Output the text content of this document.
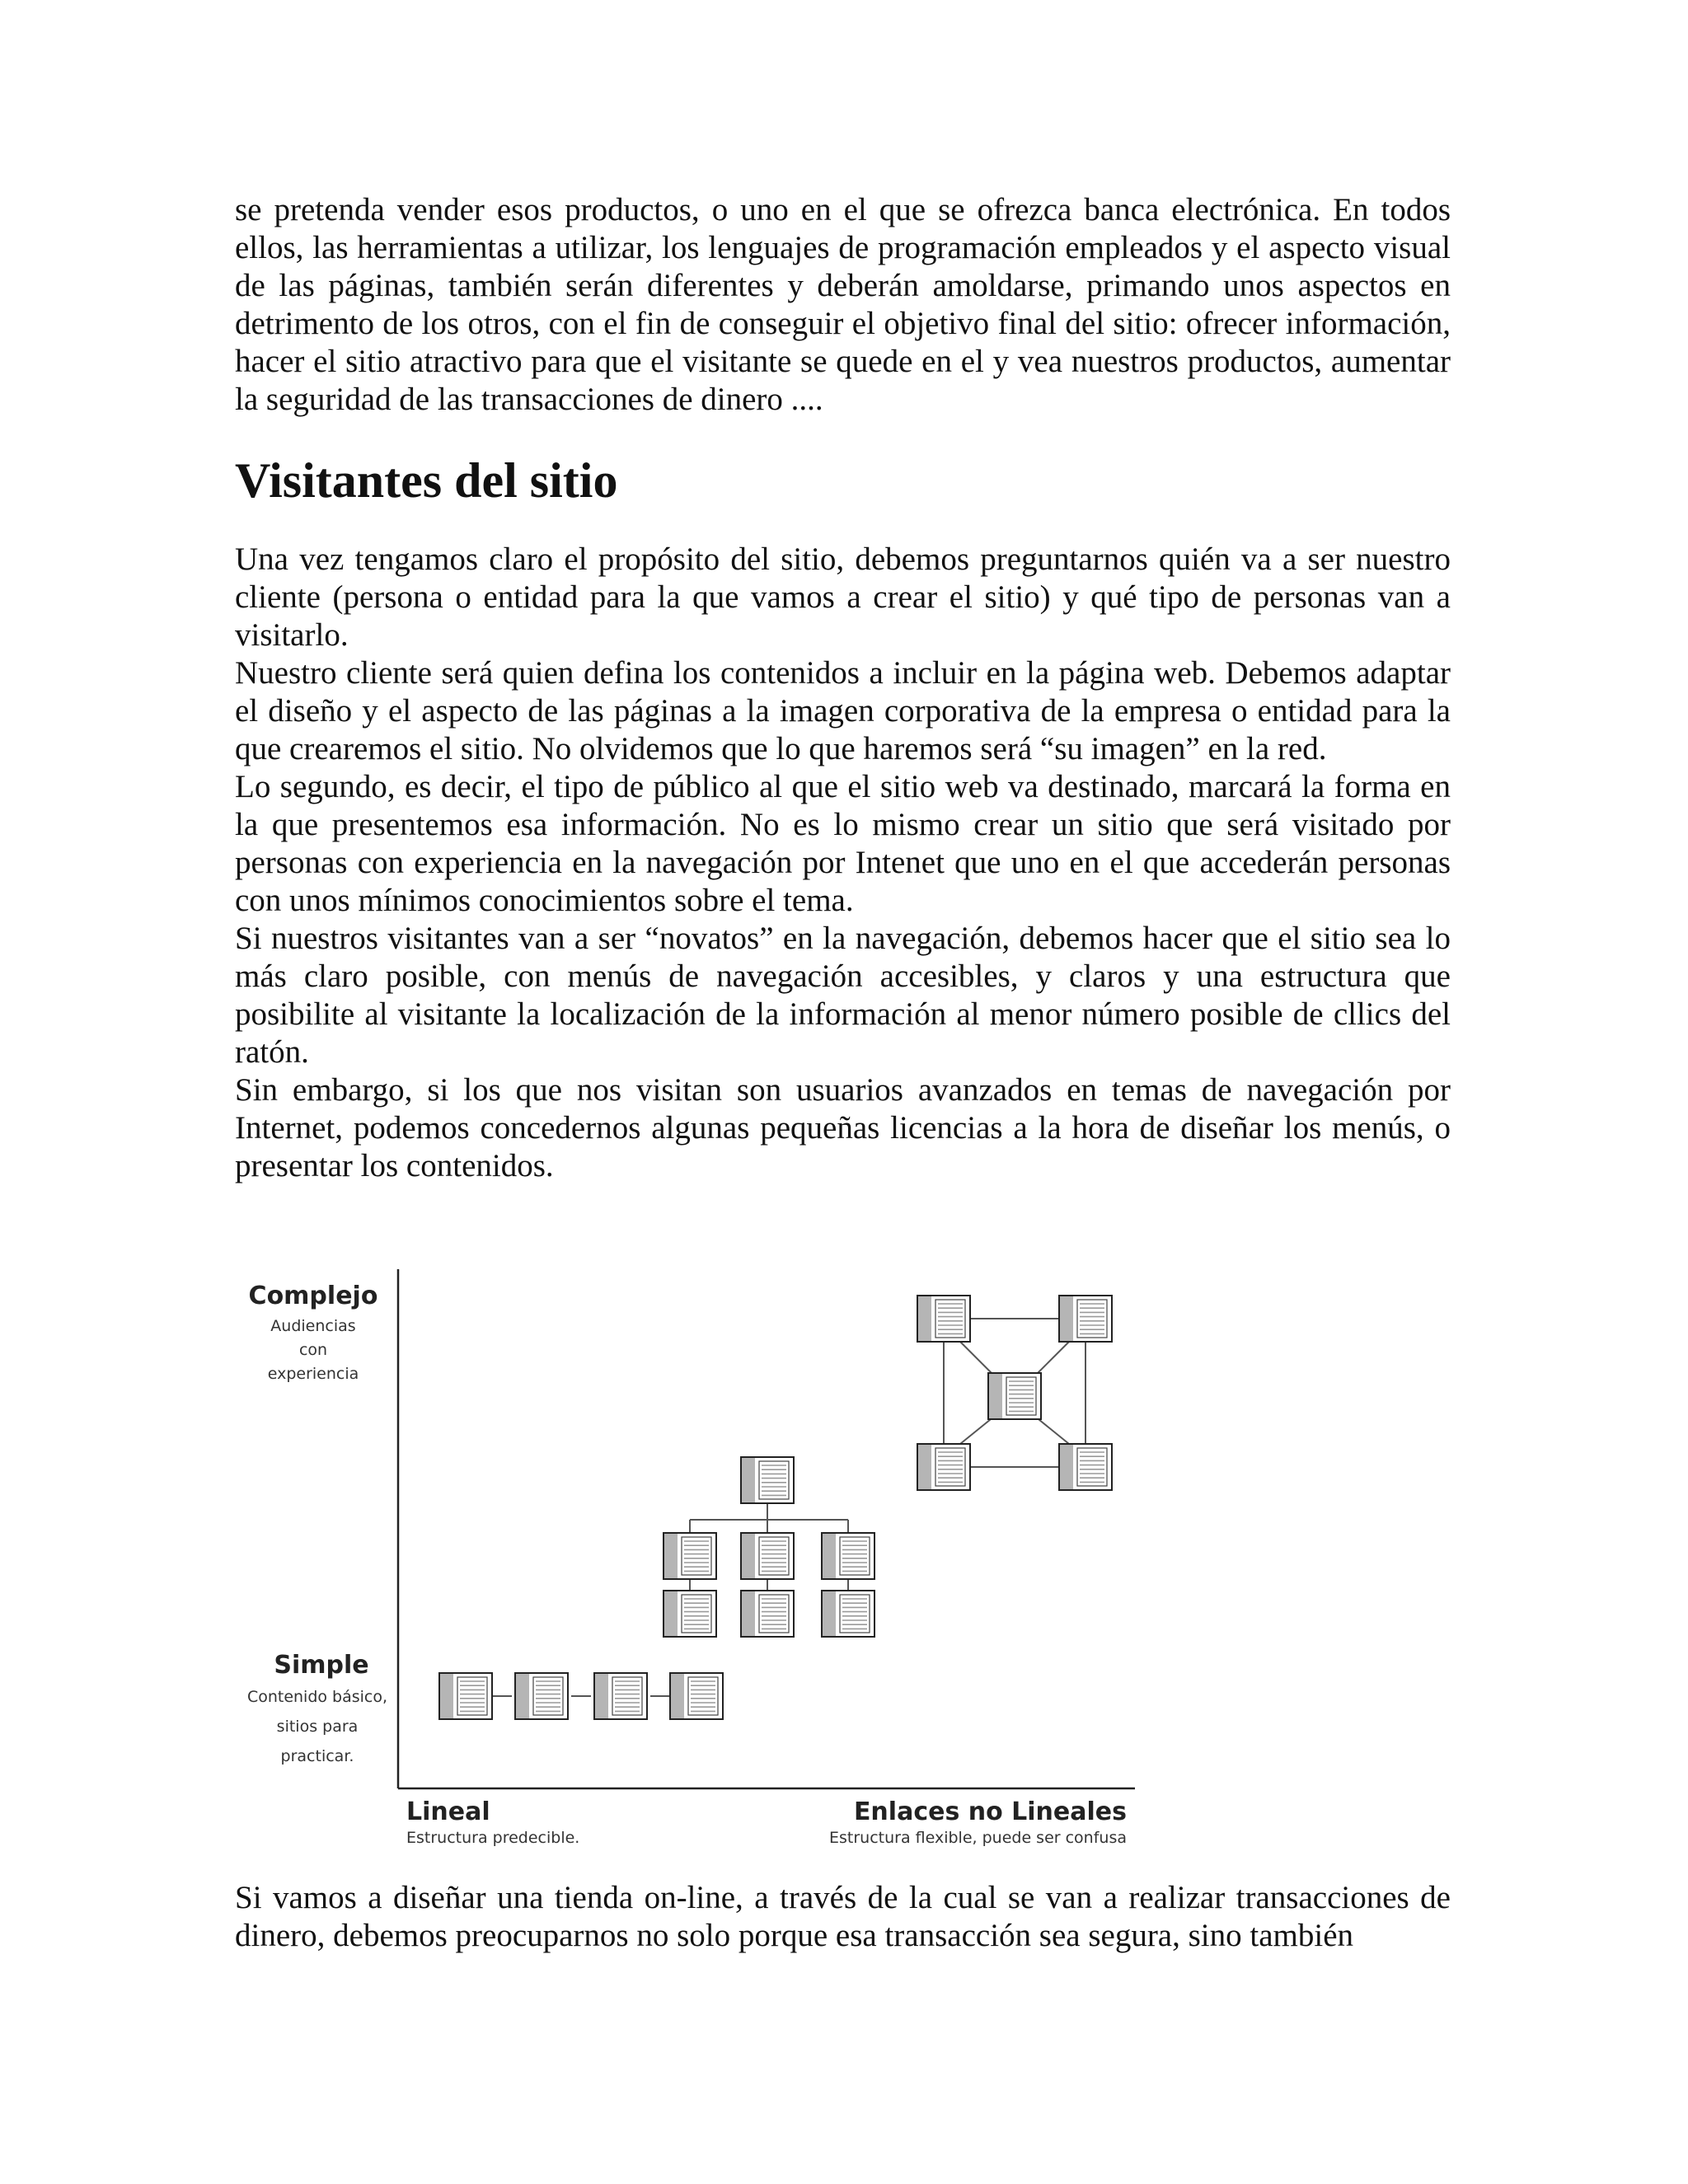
se pretenda vender esos productos, o uno en el que se ofrezca banca electrónica. En todos ellos, las herramientas a utilizar, los lenguajes de programación empleados y el aspecto visual de las páginas, también serán diferentes y deberán amoldarse, primando unos aspectos en detrimento de los otros, con el fin de conseguir el objetivo final del sitio: ofrecer información, hacer el sitio atractivo para que el visitante se quede en el y vea nuestros productos, aumentar la seguridad de las transacciones de dinero ....

Visitantes del sitio

Una vez tengamos claro el propósito del sitio, debemos preguntarnos quién va a ser nuestro cliente (persona o entidad para la que vamos a crear el sitio) y qué tipo de personas van a visitarlo.

Nuestro cliente será quien defina los contenidos a incluir en la página web. Debemos adaptar el diseño y el aspecto de las páginas a la imagen corporativa de la empresa o entidad para la que crearemos el sitio. No olvidemos que lo que haremos será “su imagen” en la red.

Lo segundo, es decir, el tipo de público al que el sitio web va destinado, marcará la forma en la que presentemos esa información. No es lo mismo crear un sitio que será visitado por personas con experiencia en la navegación por Intenet que uno en el que accederán personas con unos mínimos conocimientos sobre el tema.

Si nuestros visitantes van a ser “novatos” en la navegación, debemos hacer que el sitio sea lo más claro posible, con menús de navegación accesibles, y claros y una estructura que posibilite al visitante la localización de la información al menor número posible de cllics del ratón.

Sin embargo, si los que nos visitan son usuarios avanzados en temas de navegación por Internet, podemos concedernos algunas pequeñas licencias a la hora de diseñar los menús, o presentar los contenidos.

Complejo
Audiencias
con
experiencia
Simple
Contenido básico,
sitios para
practicar.
Lineal
Estructura predecible.
Enlaces no Lineales
Estructura flexible, puede ser confusa

Si vamos a diseñar una tienda on-line, a través de la cual se van a realizar transacciones de dinero, debemos preocuparnos no solo porque esa transacción sea segura, sino también
